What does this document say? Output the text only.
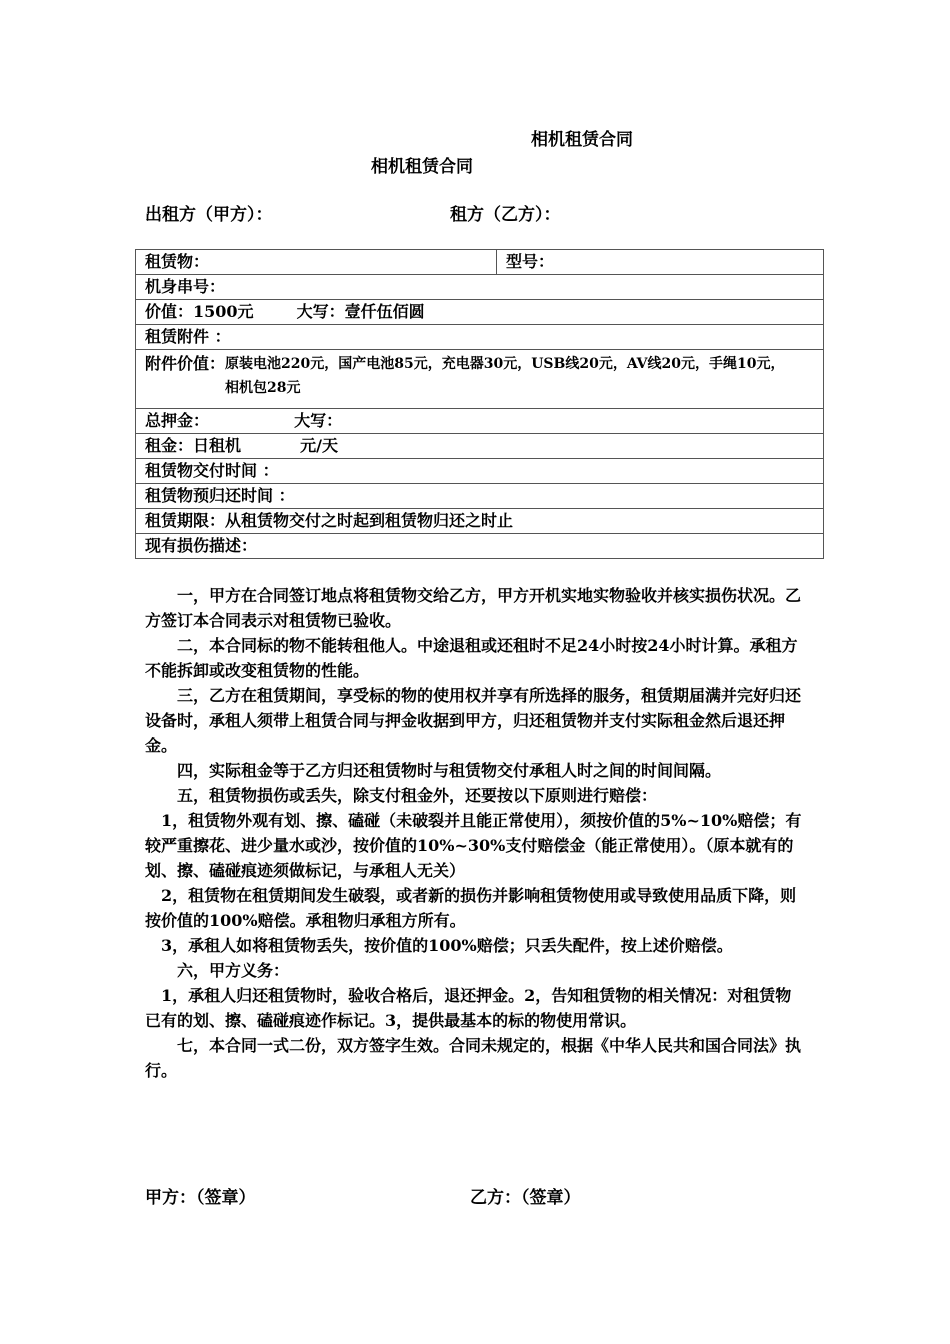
相机租赁合同
相机租赁合同
出租方（甲方）：	租方（乙方）：
租赁物：	型号：
机身串号：
价值：1500元	大写：壹仟伍佰圆
租赁附件 ：
附件价值：原装电池220元，国产电池85元，充电器30元，USB线20元，AV线20元，手绳10元，相机包28元
总押金：	大写：
租金：日租机	元/天
租赁物交付时间 ：
租赁物预归还时间 ：
租赁期限：从租赁物交付之时起到租赁物归还之时止
现有损伤描述：

一，甲方在合同签订地点将租赁物交给乙方，甲方开机实地实物验收并核实损伤状况。乙方签订本合同表示对租赁物已验收。

二，本合同标的物不能转租他人。中途退租或还租时不足24小时按24小时计算。承租方不能拆卸或改变租赁物的性能。

三，乙方在租赁期间，享受标的物的使用权并享有所选择的服务，租赁期届满并完好归还设备时，承租人须带上租赁合同与押金收据到甲方，归还租赁物并支付实际租金然后退还押金。

四，实际租金等于乙方归还租赁物时与租赁物交付承租人时之间的时间间隔。

五，租赁物损伤或丢失，除支付租金外，还要按以下原则进行赔偿：

1，租赁物外观有划、擦、磕碰（未破裂并且能正常使用），须按价值的5%~10%赔偿；有较严重擦花、进少量水或沙，按价值的10%~30%支付赔偿金（能正常使用）。（原本就有的划、擦、磕碰痕迹须做标记，与承租人无关）

2，租赁物在租赁期间发生破裂，或者新的损伤并影响租赁物使用或导致使用品质下降，则按价值的100%赔偿。承租物归承租方所有。

3，承租人如将租赁物丢失，按价值的100%赔偿；只丢失配件，按上述价赔偿。

六，甲方义务：

1，承租人归还租赁物时，验收合格后，退还押金。2，告知租赁物的相关情况：对租赁物已有的划、擦、磕碰痕迹作标记。3，提供最基本的标的物使用常识。

七，本合同一式二份，双方签字生效。合同未规定的，根据《中华人民共和国合同法》执行。

甲方：（签章）	乙方：（签章）
